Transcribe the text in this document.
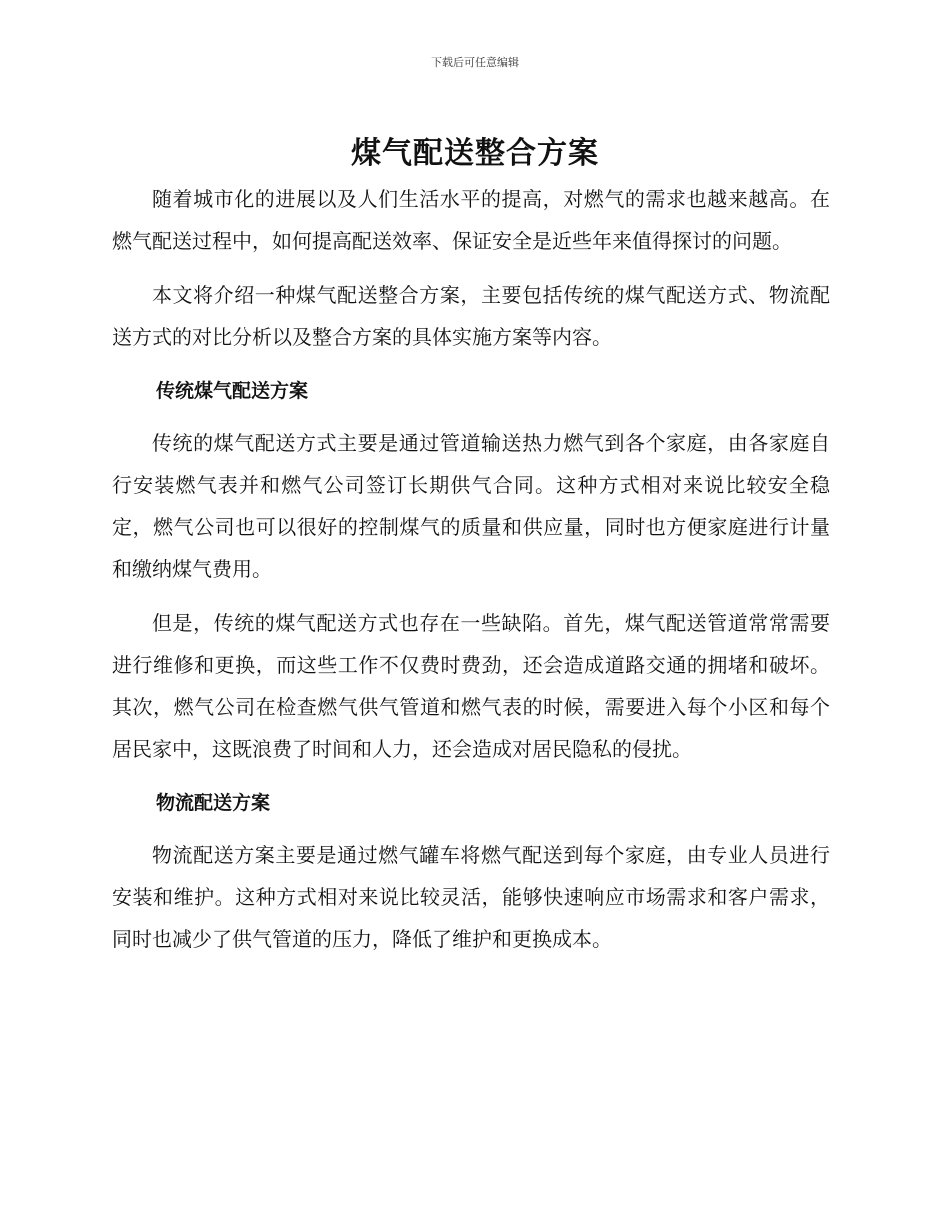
下载后可任意编辑
煤气配送整合方案

随着城市化的进展以及人们生活水平的提高，对燃气的需求也越来越高。在燃气配送过程中，如何提高配送效率、保证安全是近些年来值得探讨的问题。

本文将介绍一种煤气配送整合方案，主要包括传统的煤气配送方式、物流配送方式的对比分析以及整合方案的具体实施方案等内容。

传统煤气配送方案

传统的煤气配送方式主要是通过管道输送热力燃气到各个家庭，由各家庭自行安装燃气表并和燃气公司签订长期供气合同。这种方式相对来说比较安全稳定，燃气公司也可以很好的控制煤气的质量和供应量，同时也方便家庭进行计量和缴纳煤气费用。

但是，传统的煤气配送方式也存在一些缺陷。首先，煤气配送管道常常需要进行维修和更换，而这些工作不仅费时费劲，还会造成道路交通的拥堵和破坏。其次，燃气公司在检查燃气供气管道和燃气表的时候，需要进入每个小区和每个居民家中，这既浪费了时间和人力，还会造成对居民隐私的侵扰。

物流配送方案

物流配送方案主要是通过燃气罐车将燃气配送到每个家庭，由专业人员进行安装和维护。这种方式相对来说比较灵活，能够快速响应市场需求和客户需求，同时也减少了供气管道的压力，降低了维护和更换成本。
